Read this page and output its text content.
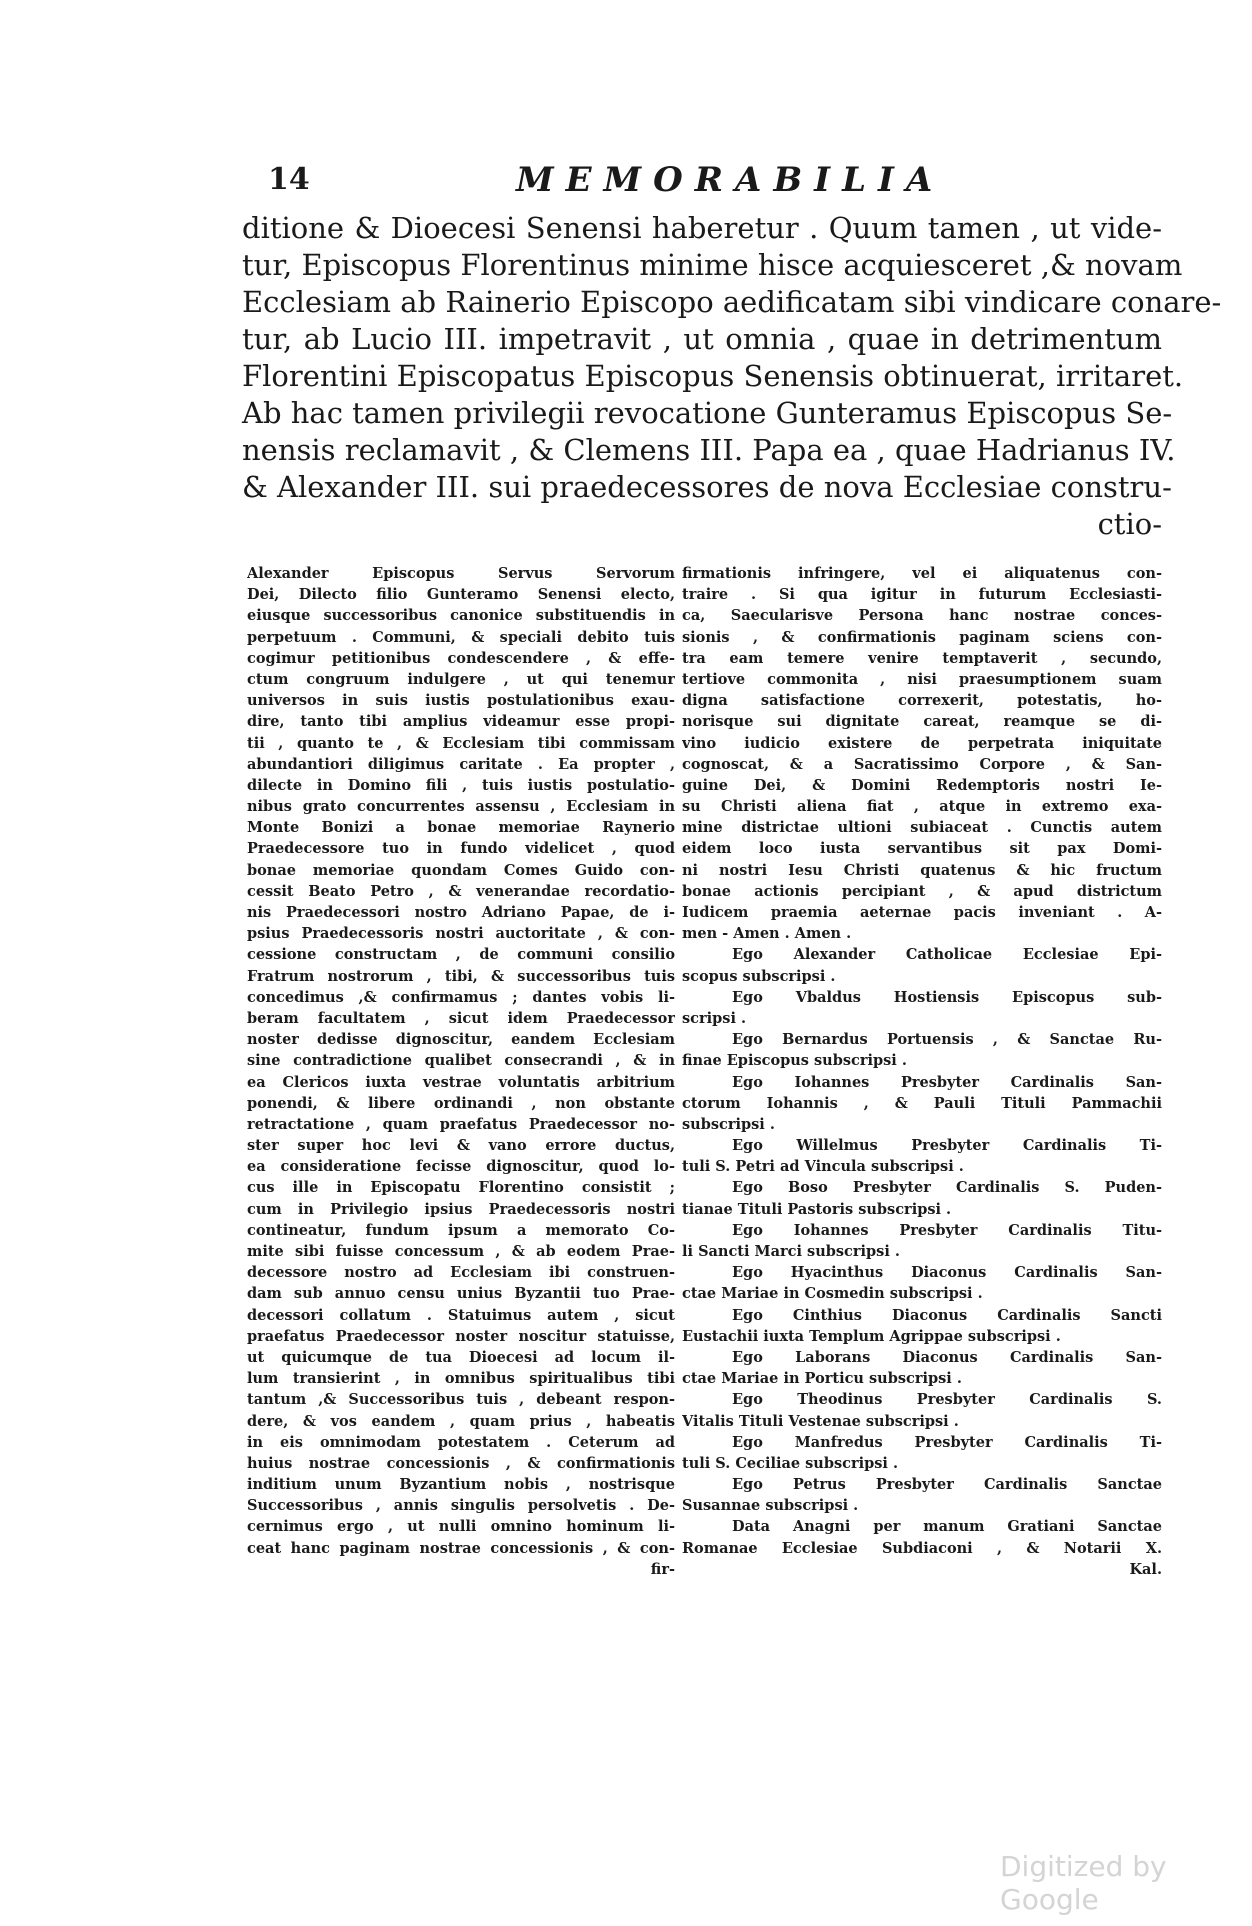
14	MEMORABILIA
ditione & Dioecesi Senensi haberetur . Quum tamen , ut vide-
tur, Episcopus Florentinus minime hisce acquiesceret ,& novam
Ecclesiam ab Rainerio Episcopo aedificatam sibi vindicare conare-
tur, ab Lucio III. impetravit , ut omnia , quae in detrimentum
Florentini Episcopatus Episcopus Senensis obtinuerat, irritaret.
Ab hac tamen privilegii revocatione Gunteramus Episcopus Se-
nensis reclamavit , & Clemens III. Papa ea , quae Hadrianus IV.
& Alexander III. sui praedecessores de nova Ecclesiae constru-
ctio-
Alexander Episcopus Servus Servorum
Dei, Dilecto filio Gunteramo Senensi electo,
eiusque successoribus canonice substituendis in
perpetuum . Communi, & speciali debito tuis
cogimur petitionibus condescendere , & effe-
ctum congruum indulgere , ut qui tenemur
universos in suis iustis postulationibus exau-
dire, tanto tibi amplius videamur esse propi-
tii , quanto te , & Ecclesiam tibi commissam
abundantiori diligimus caritate . Ea propter ,
dilecte in Domino fili , tuis iustis postulatio-
nibus grato concurrentes assensu , Ecclesiam in
Monte Bonizi a bonae memoriae Raynerio
Praedecessore tuo in fundo videlicet , quod
bonae memoriae quondam Comes Guido con-
cessit Beato Petro , & venerandae recordatio-
nis Praedecessori nostro Adriano Papae, de i-
psius Praedecessoris nostri auctoritate , & con-
cessione constructam , de communi consilio
Fratrum nostrorum , tibi, & successoribus tuis
concedimus ,& confirmamus ; dantes vobis li-
beram facultatem , sicut idem Praedecessor
noster dedisse dignoscitur, eandem Ecclesiam
sine contradictione qualibet consecrandi , & in
ea Clericos iuxta vestrae voluntatis arbitrium
ponendi, & libere ordinandi , non obstante
retractatione , quam praefatus Praedecessor no-
ster super hoc levi & vano errore ductus,
ea consideratione fecisse dignoscitur, quod lo-
cus ille in Episcopatu Florentino consistit ;
cum in Privilegio ipsius Praedecessoris nostri
contineatur, fundum ipsum a memorato Co-
mite sibi fuisse concessum , & ab eodem Prae-
decessore nostro ad Ecclesiam ibi construen-
dam sub annuo censu unius Byzantii tuo Prae-
decessori collatum . Statuimus autem , sicut
praefatus Praedecessor noster noscitur statuisse,
ut quicumque de tua Dioecesi ad locum il-
lum transierint , in omnibus spiritualibus tibi
tantum ,& Successoribus tuis , debeant respon-
dere, & vos eandem , quam prius , habeatis
in eis omnimodam potestatem . Ceterum ad
huius nostrae concessionis , & confirmationis
inditium unum Byzantium nobis , nostrisque
Successoribus , annis singulis persolvetis . De-
cernimus ergo , ut nulli omnino hominum li-
ceat hanc paginam nostrae concessionis , & con-
fir-
firmationis infringere, vel ei aliquatenus con-
traire . Si qua igitur in futurum Ecclesiasti-
ca, Saecularisve Persona hanc nostrae conces-
sionis , & confirmationis paginam sciens con-
tra eam temere venire temptaverit , secundo,
tertiove commonita , nisi praesumptionem suam
digna satisfactione correxerit, potestatis, ho-
norisque sui dignitate careat, reamque se di-
vino iudicio existere de perpetrata iniquitate
cognoscat, & a Sacratissimo Corpore , & San-
guine Dei, & Domini Redemptoris nostri Ie-
su Christi aliena fiat , atque in extremo exa-
mine districtae ultioni subiaceat . Cunctis autem
eidem loco iusta servantibus sit pax Domi-
ni nostri Iesu Christi quatenus & hic fructum
bonae actionis percipiant , & apud districtum
Iudicem praemia aeternae pacis inveniant . A-
men - Amen . Amen .
Ego Alexander Catholicae Ecclesiae Epi-
scopus subscripsi .
Ego Vbaldus Hostiensis Episcopus sub-
scripsi .
Ego Bernardus Portuensis , & Sanctae Ru-
finae Episcopus subscripsi .
Ego Iohannes Presbyter Cardinalis San-
ctorum Iohannis , & Pauli Tituli Pammachii
subscripsi .
Ego Willelmus Presbyter Cardinalis Ti-
tuli S. Petri ad Vincula subscripsi .
Ego Boso Presbyter Cardinalis S. Puden-
tianae Tituli Pastoris subscripsi .
Ego Iohannes Presbyter Cardinalis Titu-
li Sancti Marci subscripsi .
Ego Hyacinthus Diaconus Cardinalis San-
ctae Mariae in Cosmedin subscripsi .
Ego Cinthius Diaconus Cardinalis Sancti
Eustachii iuxta Templum Agrippae subscripsi .
Ego Laborans Diaconus Cardinalis San-
ctae Mariae in Porticu subscripsi .
Ego Theodinus Presbyter Cardinalis S.
Vitalis Tituli Vestenae subscripsi .
Ego Manfredus Presbyter Cardinalis Ti-
tuli S. Ceciliae subscripsi .
Ego Petrus Presbyter Cardinalis Sanctae
Susannae subscripsi .
Data Anagni per manum Gratiani Sanctae
Romanae Ecclesiae Subdiaconi , & Notarii X.
Kal.
Digitized by Google
